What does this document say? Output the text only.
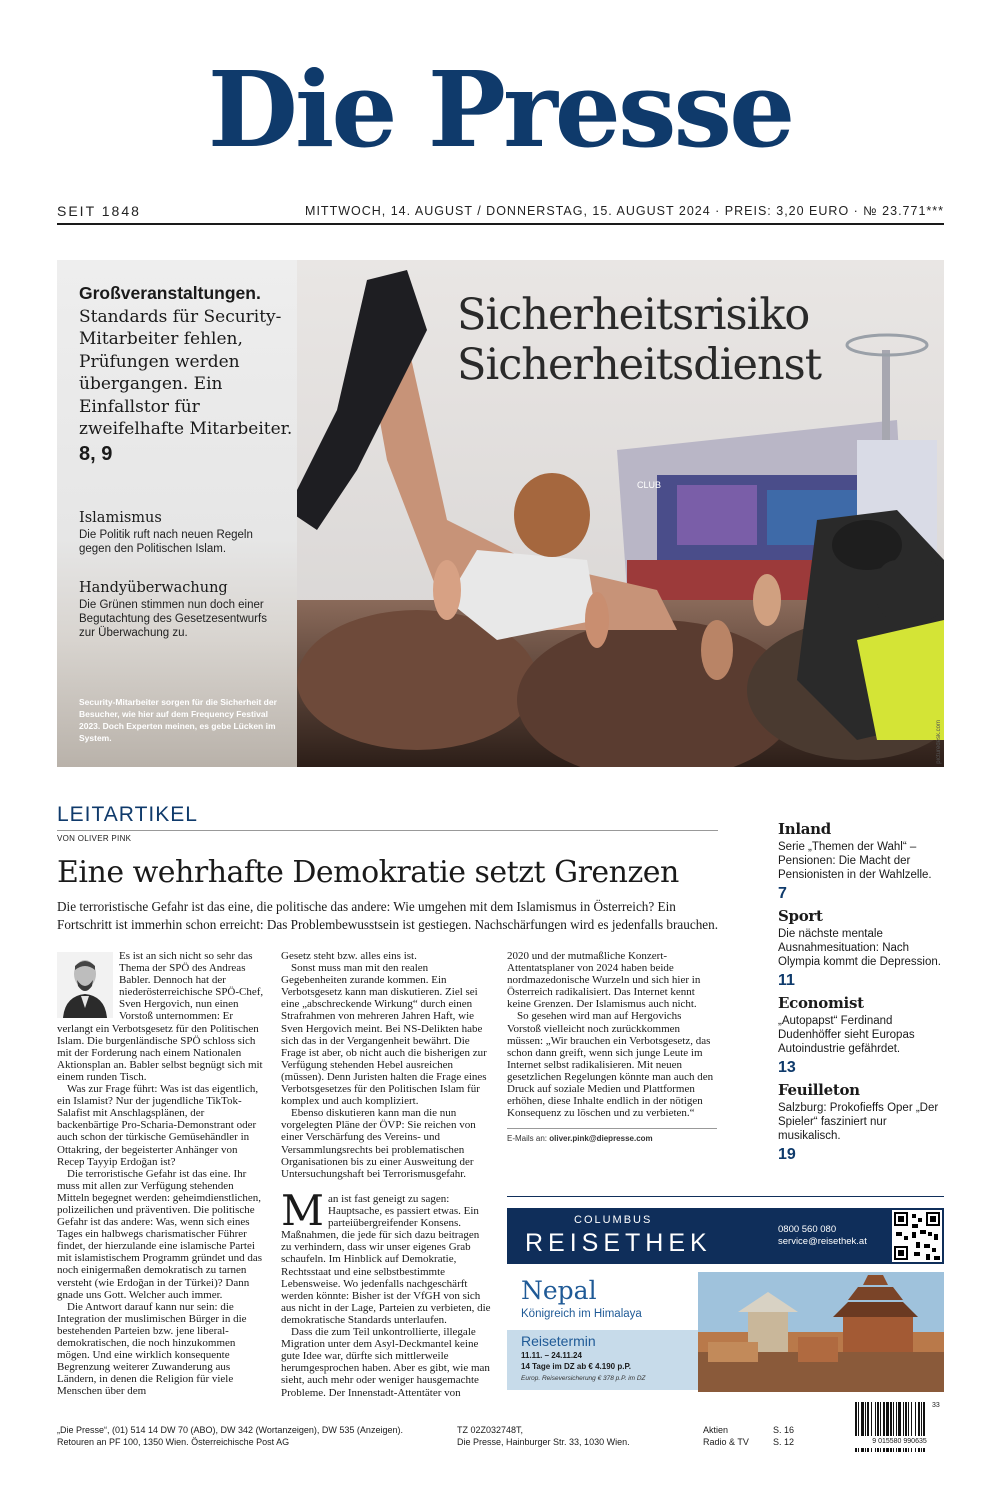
Die Presse
SEIT 1848	MITTWOCH, 14. AUGUST / DONNERSTAG, 15. AUGUST 2024 · PREIS: 3,20 EURO · № 23.771***
CLUB
Sicherheitsrisiko
Sicherheitsdienst
Großveranstaltungen. Standards für Security-Mitarbeiter fehlen, Prüfungen werden übergangen. Ein Einfallstor für zweifelhafte Mitarbeiter.
8, 9
Islamismus

Die Politik ruft nach neuen Regeln gegen den Politischen Islam.

Handyüberwachung

Die Grünen stimmen nun doch einer Begutachtung des Gesetzesentwurfs zur Überwachung zu.

Security-Mitarbeiter sorgen für die Sicherheit der Besucher, wie hier auf dem Frequency Festival 2023. Doch Experten meinen, es gebe Lücken im System.	picturedesk.com
LEITARTIKEL
VON OLIVER PINK
Eine wehrhafte Demokratie setzt Grenzen
Die terroristische Gefahr ist das eine, die politische das andere: Wie umgehen mit dem Islamismus in Österreich? Ein Fortschritt ist immerhin schon erreicht: Das Problembewusstsein ist gestiegen. Nachschärfungen wird es jedenfalls brauchen.

Es ist an sich nicht so sehr das Thema der SPÖ des Andreas Babler. Dennoch hat der niederösterreichische SPÖ-Chef, Sven Hergovich, nun einen Vorstoß unternommen: Er verlangt ein Verbotsgesetz für den Politischen Islam. Die burgenländische SPÖ schloss sich mit der Forderung nach einem Nationalen Aktionsplan an. Babler selbst begnügt sich mit einem runden Tisch.

Was zur Frage führt: Was ist das eigentlich, ein Islamist? Nur der jugendliche TikTok-Salafist mit Anschlagsplänen, der backenbärtige Pro-Scharia-Demonstrant oder auch schon der türkische Gemüsehändler in Ottakring, der begeisterter Anhänger von Recep Tayyip Erdoğan ist?

Die terroristische Gefahr ist das eine. Ihr muss mit allen zur Verfügung stehenden Mitteln begegnet werden: geheimdienstlichen, polizeilichen und präventiven. Die politische Gefahr ist das andere: Was, wenn sich eines Tages ein halbwegs charismatischer Führer findet, der hierzulande eine islamische Partei mit islamistischem Programm gründet und das noch einigermaßen demokratisch zu tarnen versteht (wie Erdoğan in der Türkei)? Dann gnade uns Gott. Welcher auch immer.

Die Antwort darauf kann nur sein: die Integration der muslimischen Bürger in die bestehenden Parteien bzw. jene liberal-demokratischen, die noch hinzukommen mögen. Und eine wirklich konsequente Begrenzung weiterer Zuwanderung aus Ländern, in denen die Religion für viele Menschen über dem

Gesetz steht bzw. alles eins ist.

Sonst muss man mit den realen Gegebenheiten zurande kommen. Ein Verbotsgesetz kann man diskutieren. Ziel sei eine „abschreckende Wirkung“ durch einen Strafrahmen von mehreren Jahren Haft, wie Sven Hergovich meint. Bei NS-Delikten habe sich das in der Vergangenheit bewährt. Die Frage ist aber, ob nicht auch die bisherigen zur Verfügung stehenden Hebel ausreichen (müssen). Denn Juristen halten die Frage eines Verbotsgesetzes für den Politischen Islam für komplex und auch kompliziert.

Ebenso diskutieren kann man die nun vorgelegten Pläne der ÖVP: Sie reichen von einer Verschärfung des Vereins- und Versammlungsrechts bei problematischen Organisationen bis zu einer Ausweitung der Untersuchungshaft bei Terrorismusgefahr.

M an ist fast geneigt zu sagen: Hauptsache, es passiert etwas. Ein parteiübergreifender Konsens. Maßnahmen, die jede für sich dazu beitragen zu verhindern, dass wir unser eigenes Grab schaufeln. Im Hinblick auf Demokratie, Rechtsstaat und eine selbstbestimmte Lebensweise. Wo jedenfalls nachgeschärft werden könnte: Bisher ist der VfGH von sich aus nicht in der Lage, Parteien zu verbieten, die demokratische Standards unterlaufen.

Dass die zum Teil unkontrollierte, illegale Migration unter dem Asyl-Deckmantel keine gute Idee war, dürfte sich mittlerweile herumgesprochen haben. Aber es gibt, wie man sieht, auch mehr oder weniger hausgemachte Probleme. Der Innenstadt-Attentäter von

2020 und der mutmaßliche Konzert-Attentatsplaner von 2024 haben beide nordmazedonische Wurzeln und sich hier in Österreich radikalisiert. Das Internet kennt keine Grenzen. Der Islamismus auch nicht.

So gesehen wird man auf Hergovichs Vorstoß vielleicht noch zurückkommen müssen: „Wir brauchen ein Verbotsgesetz, das schon dann greift, wenn sich junge Leute im Internet selbst radikalisieren. Mit neuen gesetzlichen Regelungen könnte man auch den Druck auf soziale Medien und Plattformen erhöhen, diese Inhalte endlich in der nötigen Konsequenz zu löschen und zu verbieten.“

E-Mails an: oliver.pink@diepresse.com
Inland

Serie „Themen der Wahl“ – Pensionen: Die Macht der Pensionisten in der Wahlzelle.

7
Sport

Die nächste mentale Ausnahmesituation: Nach Olympia kommt die Depression.

11
Economist

„Autopapst“ Ferdinand Dudenhöffer sieht Europas Autoindustrie gefährdet.

13
Feuilleton

Salzburg: Prokofieffs Oper „Der Spieler“ fasziniert nur musikalisch.

19
COLUMBUS
REISETHEK	0800 560 080
service@reisethek.at
Nepal
Königreich im Himalaya
Reisetermin
11.11. – 24.11.24
14 Tage im DZ ab € 4.190 p.P.
Europ. Reiseversicherung € 378 p.P. im DZ
„Die Presse“, (01) 514 14 DW 70 (ABO), DW 342 (Wortanzeigen), DW 535 (Anzeigen).
Retouren an PF 100, 1350 Wien. Österreichische Post AG
TZ 02Z032748T,
Die Presse, Hainburger Str. 33, 1030 Wien.
Aktien	S. 16
Radio & TV	S. 12
33
9 015580 990635
